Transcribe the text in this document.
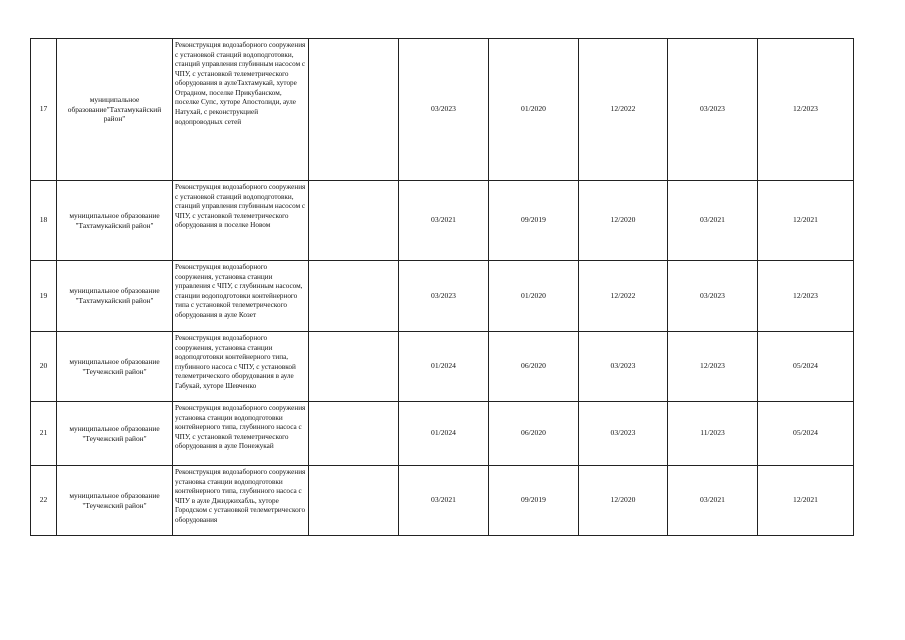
17	муниципальное образование"Тахтамукайский район"	Реконструкция водозаборного сооружения с установкой станций водоподготовки, станций управления глубинным насосом с ЧПУ, с установкой телеметрического оборудования в аулеТахтамукай, хуторе Отрадном, поселке Прикубанском, поселке Супс, хуторе Апостолиди, ауле Натухай, с реконструкцией водопроводных сетей		03/2023	01/2020	12/2022	03/2023	12/2023
18	муниципальное образование "Тахтамукайский район"	Реконструкция водозаборного сооружения с установкой станций водоподготовки, станций управления глубинным насосом с ЧПУ, с установкой телеметрического оборудования в поселке Новом		03/2021	09/2019	12/2020	03/2021	12/2021
19	муниципальное образование "Тахтамукайский район"	Реконструкция водозаборного сооружения, установка станции управления с ЧПУ, с глубинным насосом, станции водоподготовки контейнерного типа с установкой телеметрического оборудования в ауле Козет		03/2023	01/2020	12/2022	03/2023	12/2023
20	муниципальное образование "Теучежский район"	Реконструкция водозаборного сооружения, установка станции водоподготовки контейнерного типа, глубинного насоса с ЧПУ, с установкой телеметрического оборудования в ауле Габукай, хуторе Шевченко		01/2024	06/2020	03/2023	12/2023	05/2024
21	муниципальное образование "Теучежский район"	Реконструкция водозаборного сооружения установка станции водоподготовки контейнерного типа, глубинного насоса с ЧПУ, с установкой телеметрического оборудования в ауле Понежукай		01/2024	06/2020	03/2023	11/2023	05/2024
22	муниципальное образование "Теучежский район"	Реконструкция водозаборного сооружения установка станции водоподготовки контейнерного типа, глубинного насоса с ЧПУ в ауле Джиджихабль, хуторе Городском с установкой телеметрического оборудования		03/2021	09/2019	12/2020	03/2021	12/2021
